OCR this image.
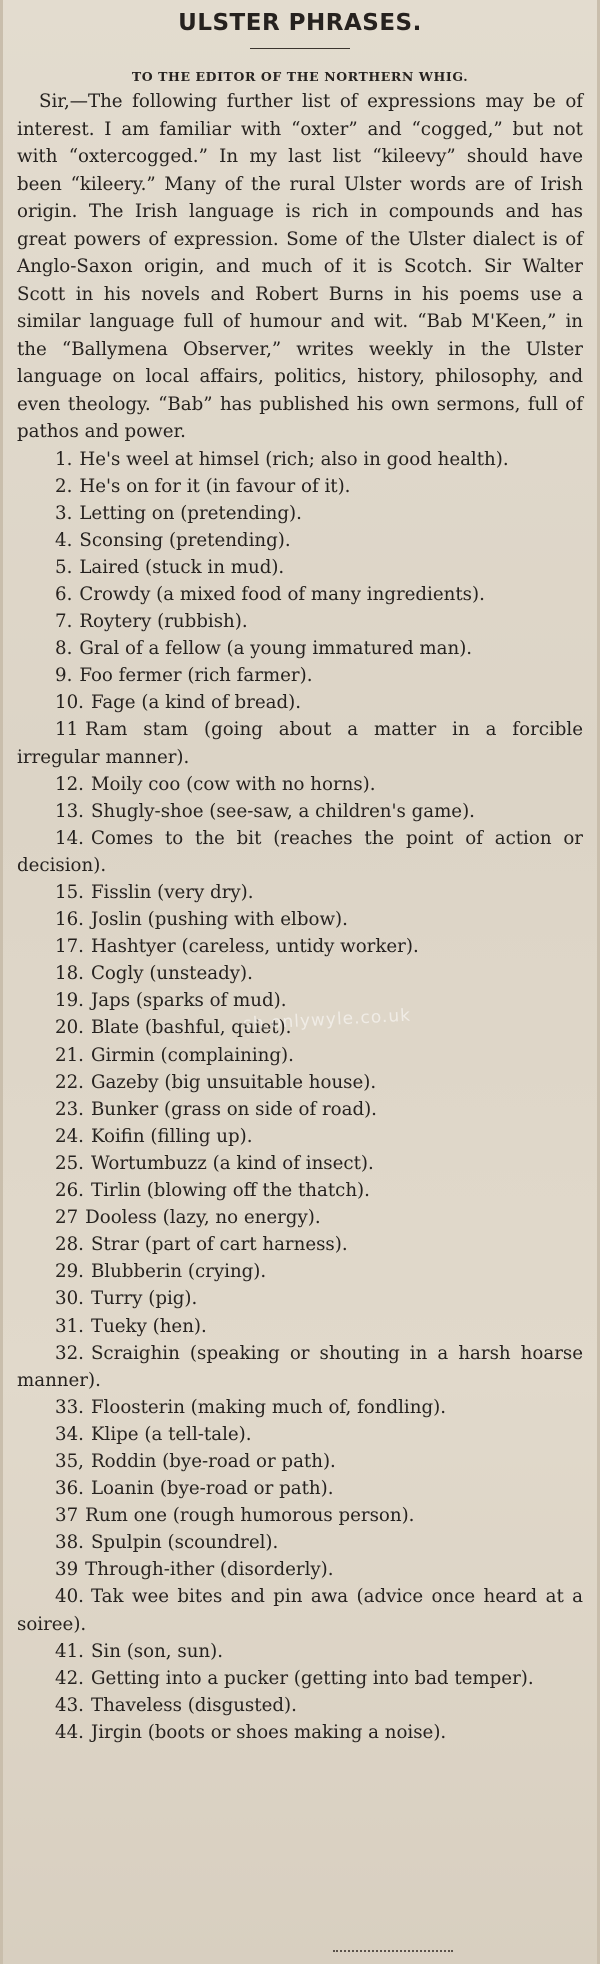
ULSTER PHRASES.
TO THE EDITOR OF THE NORTHERN WHIG.

Sir,—The following further list of expressions may be of interest. I am familiar with “oxter” and “cogged,” but not with “oxtercogged.” In my last list “kileevy” should have been “kileery.” Many of the rural Ulster words are of Irish origin. The Irish language is rich in compounds and has great powers of expression. Some of the Ulster dialect is of Anglo-Saxon origin, and much of it is Scotch. Sir Walter Scott in his novels and Robert Burns in his poems use a similar language full of humour and wit. “Bab M'Keen,” in the “Ballymena Observer,” writes weekly in the Ulster language on local affairs, politics, history, philosophy, and even theology. “Bab” has published his own sermons, full of pathos and power.

1. He's weel at himsel (rich; also in good health).
2. He's on for it (in favour of it).
3. Letting on (pretending).
4. Sconsing (pretending).
5. Laired (stuck in mud).
6. Crowdy (a mixed food of many ingredients).
7. Roytery (rubbish).
8. Gral of a fellow (a young immatured man).
9. Foo fermer (rich farmer).
10. Fage (a kind of bread).
11 Ram stam (going about a matter in a forcible irregular manner).
12. Moily coo (cow with no horns).
13. Shugly-shoe (see-saw, a children's game).
14. Comes to the bit (reaches the point of action or decision).
15. Fisslin (very dry).
16. Joslin (pushing with elbow).
17. Hashtyer (careless, untidy worker).
18. Cogly (unsteady).
19. Japs (sparks of mud).
20. Blate (bashful, quiet).
21. Girmin (complaining).
22. Gazeby (big unsuitable house).
23. Bunker (grass on side of road).
24. Koifin (filling up).
25. Wortumbuzz (a kind of insect).
26. Tirlin (blowing off the thatch).
27 Dooless (lazy, no energy).
28. Strar (part of cart harness).
29. Blubberin (crying).
30. Turry (pig).
31. Tueky (hen).
32. Scraighin (speaking or shouting in a harsh hoarse manner).
33. Floosterin (making much of, fondling).
34. Klipe (a tell-tale).
35, Roddin (bye-road or path).
36. Loanin (bye-road or path).
37 Rum one (rough humorous person).
38. Spulpin (scoundrel).
39 Through-ither (disorderly).
40. Tak wee bites and pin awa (advice once heard at a soiree).
41. Sin (son, sun).
42. Getting into a pucker (getting into bad temper).
43. Thaveless (disgusted).
44. Jirgin (boots or shoes making a noise).
sh.onlywyle.co.uk
